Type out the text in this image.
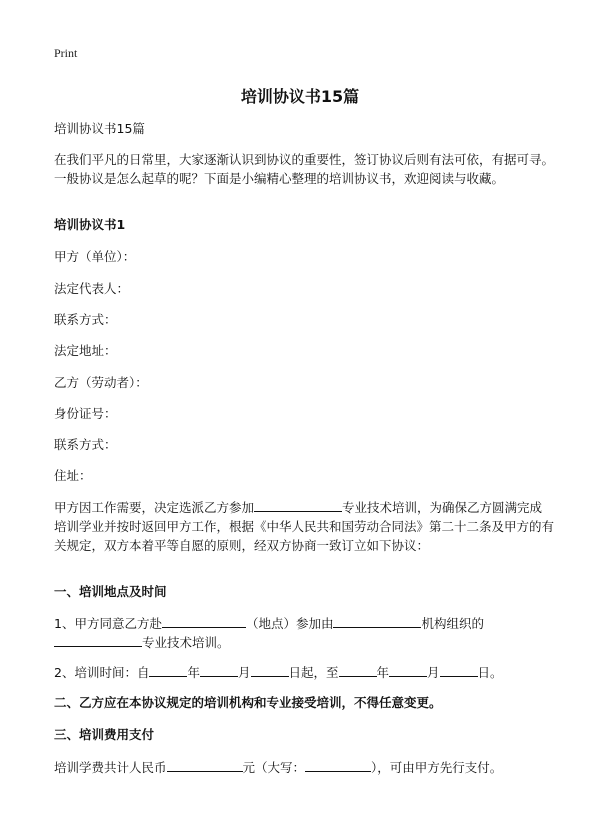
Print
培训协议书15篇
培训协议书15篇
在我们平凡的日常里，大家逐渐认识到协议的重要性，签订协议后则有法可依，有据可寻。一般协议是怎么起草的呢？下面是小编精心整理的培训协议书，欢迎阅读与收藏。
培训协议书1
甲方（单位）：
法定代表人：
联系方式：
法定地址：
乙方（劳动者）：
身份证号：
联系方式：
住址：
甲方因工作需要，决定选派乙方参加	专业技术培训，为确保乙方圆满完成培训学业并按时返回甲方工作，根据《中华人民共和国劳动合同法》第二十二条及甲方的有关规定，双方本着平等自愿的原则，经双方协商一致订立如下协议：
一、培训地点及时间
1、甲方同意乙方赴	（地点）参加由	机构组织的
专业技术培训。
2、培训时间：自	年	月	日起，至	年	月	日。
二、乙方应在本协议规定的培训机构和专业接受培训，不得任意变更。
三、培训费用支付
培训学费共计人民币	元（大写：	），可由甲方先行支付。
